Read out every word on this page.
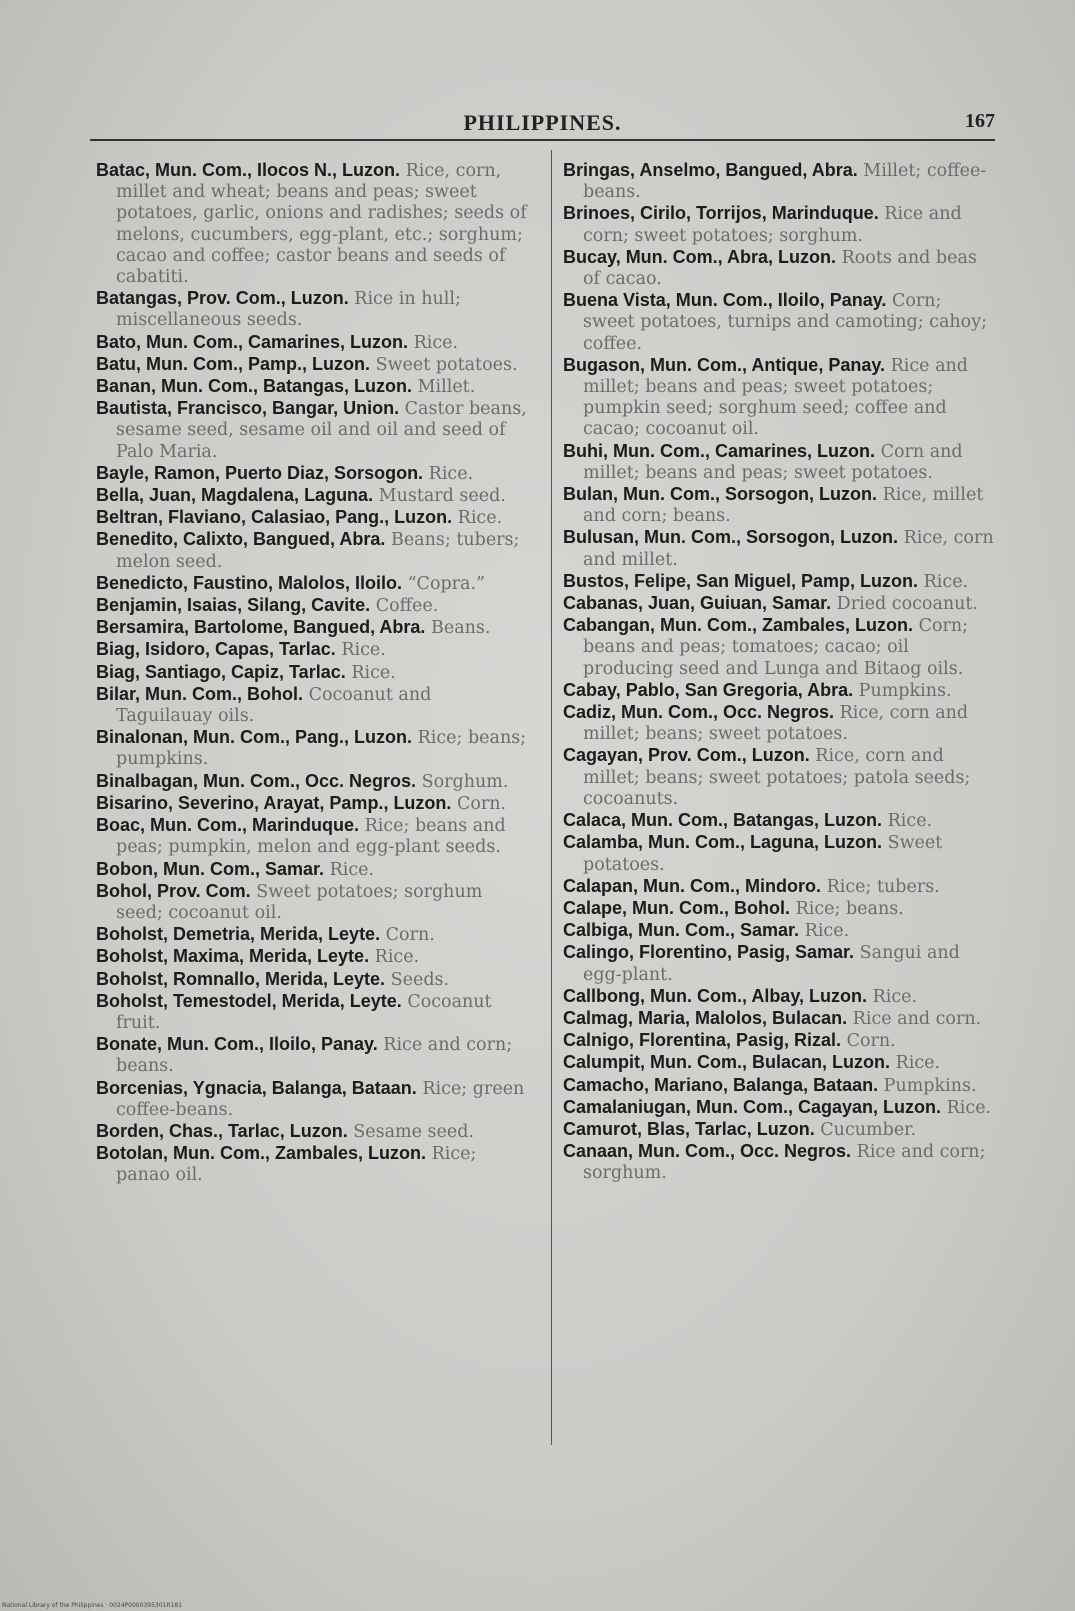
PHILIPPINES.	167

Batac, Mun. Com., Ilocos N., Luzon. Rice, corn, millet and wheat; beans and peas; sweet potatoes, garlic, onions and radishes; seeds of melons, cucumbers, egg-plant, etc.; sorghum; cacao and coffee; castor beans and seeds of cabatiti.

Batangas, Prov. Com., Luzon. Rice in hull; miscellaneous seeds.

Bato, Mun. Com., Camarines, Luzon. Rice.

Batu, Mun. Com., Pamp., Luzon. Sweet potatoes.

Banan, Mun. Com., Batangas, Luzon. Millet.

Bautista, Francisco, Bangar, Union. Castor beans, sesame seed, sesame oil and oil and seed of Palo Maria.

Bayle, Ramon, Puerto Diaz, Sorsogon. Rice.

Bella, Juan, Magdalena, Laguna. Mustard seed.

Beltran, Flaviano, Calasiao, Pang., Luzon. Rice.

Benedito, Calixto, Bangued, Abra. Beans; tubers; melon seed.

Benedicto, Faustino, Malolos, Iloilo. “Copra.”

Benjamin, Isaias, Silang, Cavite. Coffee.

Bersamira, Bartolome, Bangued, Abra. Beans.

Biag, Isidoro, Capas, Tarlac. Rice.

Biag, Santiago, Capiz, Tarlac. Rice.

Bilar, Mun. Com., Bohol. Cocoanut and Taguilauay oils.

Binalonan, Mun. Com., Pang., Luzon. Rice; beans; pumpkins.

Binalbagan, Mun. Com., Occ. Negros. Sorghum.

Bisarino, Severino, Arayat, Pamp., Luzon. Corn.

Boac, Mun. Com., Marinduque. Rice; beans and peas; pumpkin, melon and egg-plant seeds.

Bobon, Mun. Com., Samar. Rice.

Bohol, Prov. Com. Sweet potatoes; sorghum seed; cocoanut oil.

Boholst, Demetria, Merida, Leyte. Corn.

Boholst, Maxima, Merida, Leyte. Rice.

Boholst, Romnallo, Merida, Leyte. Seeds.

Boholst, Temestodel, Merida, Leyte. Cocoanut fruit.

Bonate, Mun. Com., Iloilo, Panay. Rice and corn; beans.

Borcenias, Ygnacia, Balanga, Bataan. Rice; green coffee-beans.

Borden, Chas., Tarlac, Luzon. Sesame seed.

Botolan, Mun. Com., Zambales, Luzon. Rice; panao oil.

Bringas, Anselmo, Bangued, Abra. Millet; coffee-beans.

Brinoes, Cirilo, Torrijos, Marinduque. Rice and corn; sweet potatoes; sorghum.

Bucay, Mun. Com., Abra, Luzon. Roots and beas of cacao.

Buena Vista, Mun. Com., Iloilo, Panay. Corn; sweet potatoes, turnips and camoting; cahoy; coffee.

Bugason, Mun. Com., Antique, Panay. Rice and millet; beans and peas; sweet potatoes; pumpkin seed; sorghum seed; coffee and cacao; cocoanut oil.

Buhi, Mun. Com., Camarines, Luzon. Corn and millet; beans and peas; sweet potatoes.

Bulan, Mun. Com., Sorsogon, Luzon. Rice, millet and corn; beans.

Bulusan, Mun. Com., Sorsogon, Luzon. Rice, corn and millet.

Bustos, Felipe, San Miguel, Pamp, Luzon. Rice.

Cabanas, Juan, Guiuan, Samar. Dried cocoanut.

Cabangan, Mun. Com., Zambales, Luzon. Corn; beans and peas; tomatoes; cacao; oil producing seed and Lunga and Bitaog oils.

Cabay, Pablo, San Gregoria, Abra. Pumpkins.

Cadiz, Mun. Com., Occ. Negros. Rice, corn and millet; beans; sweet potatoes.

Cagayan, Prov. Com., Luzon. Rice, corn and millet; beans; sweet potatoes; patola seeds; cocoanuts.

Calaca, Mun. Com., Batangas, Luzon. Rice.

Calamba, Mun. Com., Laguna, Luzon. Sweet potatoes.

Calapan, Mun. Com., Mindoro. Rice; tubers.

Calape, Mun. Com., Bohol. Rice; beans.

Calbiga, Mun. Com., Samar. Rice.

Calingo, Florentino, Pasig, Samar. Sangui and egg-plant.

Callbong, Mun. Com., Albay, Luzon. Rice.

Calmag, Maria, Malolos, Bulacan. Rice and corn.

Calnigo, Florentina, Pasig, Rizal. Corn.

Calumpit, Mun. Com., Bulacan, Luzon. Rice.

Camacho, Mariano, Balanga, Bataan. Pumpkins.

Camalaniugan, Mun. Com., Cagayan, Luzon. Rice.

Camurot, Blas, Tarlac, Luzon. Cucumber.

Canaan, Mun. Com., Occ. Negros. Rice and corn; sorghum.

National Library of the Philippines · 0024P0000395301R181
